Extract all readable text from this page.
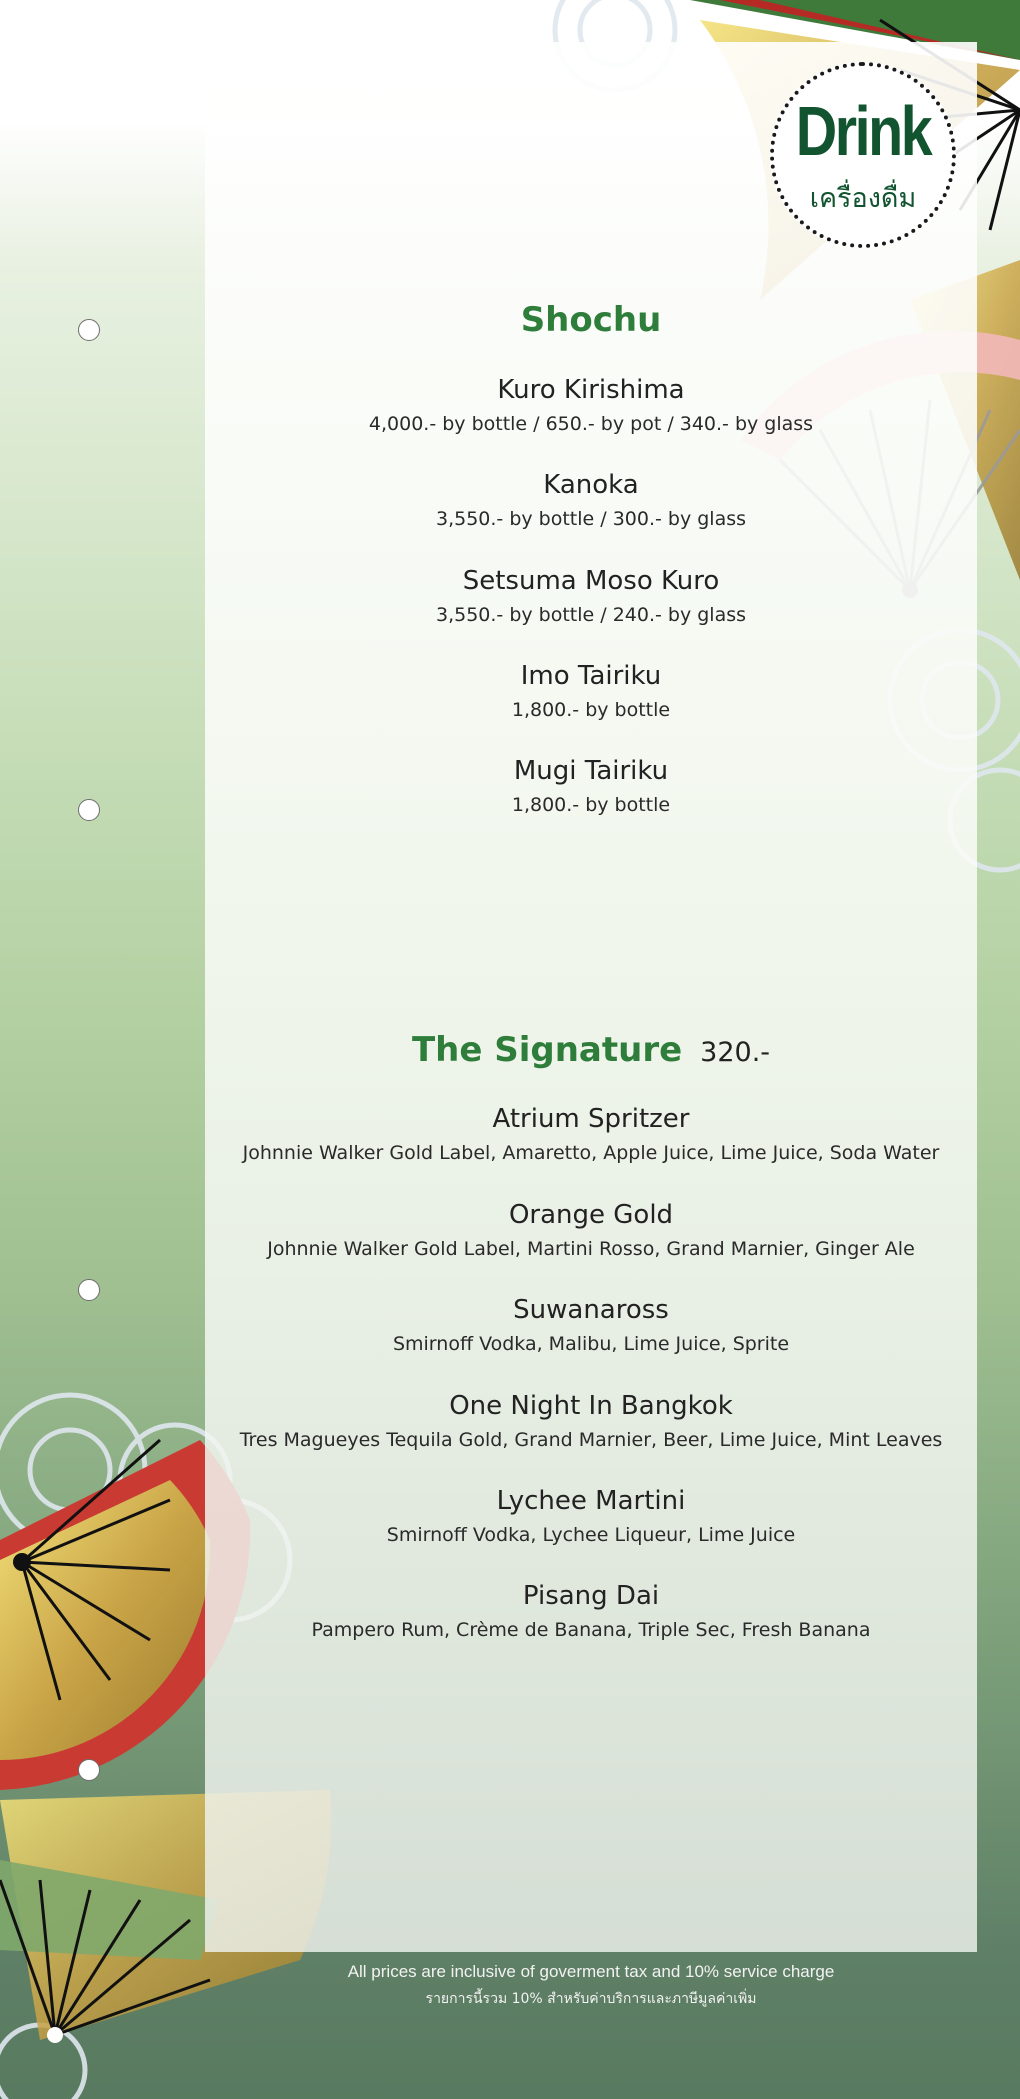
Drink
เครื่องดื่ม
Shochu
Kuro Kirishima
4,000.- by bottle / 650.- by pot / 340.- by glass
Kanoka
3,550.- by bottle / 300.- by glass
Setsuma Moso Kuro
3,550.- by bottle / 240.- by glass
Imo Tairiku
1,800.- by bottle
Mugi Tairiku
1,800.- by bottle
The Signature 320.-
Atrium Spritzer
Johnnie Walker Gold Label, Amaretto, Apple Juice, Lime Juice, Soda Water
Orange Gold
Johnnie Walker Gold Label, Martini Rosso, Grand Marnier, Ginger Ale
Suwanaross
Smirnoff Vodka, Malibu, Lime Juice, Sprite
One Night In Bangkok
Tres Magueyes Tequila Gold, Grand Marnier, Beer, Lime Juice, Mint Leaves
Lychee Martini
Smirnoff Vodka, Lychee Liqueur, Lime Juice
Pisang Dai
Pampero Rum, Crème de Banana, Triple Sec, Fresh Banana
All prices are inclusive of goverment tax and 10% service charge
รายการนี้รวม 10% สำหรับค่าบริการและภาษีมูลค่าเพิ่ม
